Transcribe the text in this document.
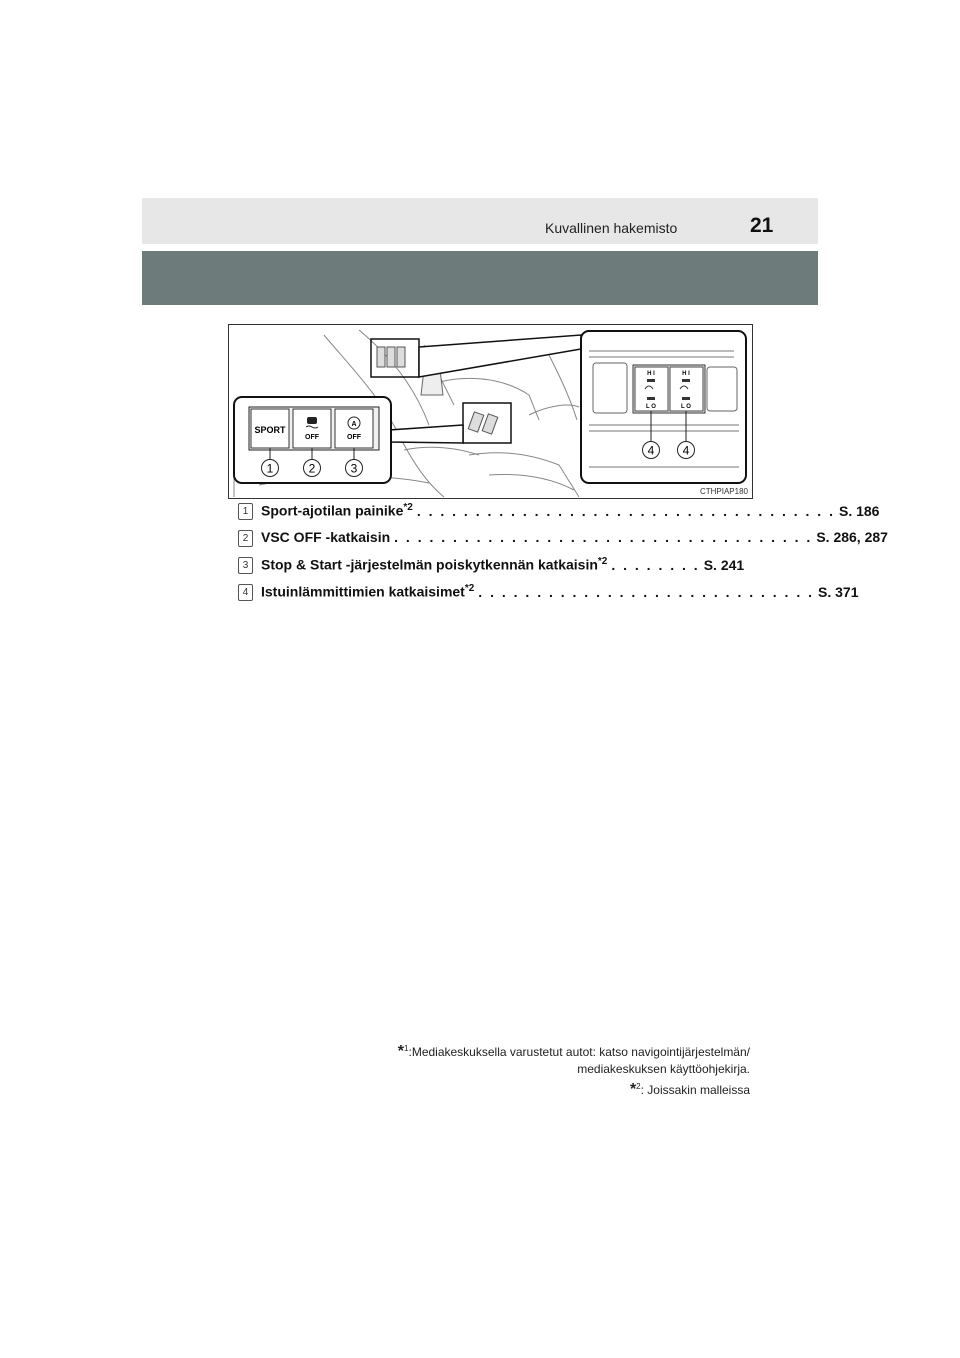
Kuvallinen hakemisto	21
SPORT
OFF
A
OFF
1	2	3
H I	H I
L O	L O
4 4
CTHPIAP180
1 Sport-ajotilan painike$^{*2}$ . . . . . . . . . . . . . . . . . . . . . . . . . . . . . . . . . . . . S. 186
2 VSC OFF -katkaisin . . . . . . . . . . . . . . . . . . . . . . . . . . . . . . . . . . . . S. 286, 287
3 Stop & Start -järjestelmän poiskytkennän katkaisin$^{*2}$ . . . . . . . . S. 241
4 Istuinlämmittimien katkaisimet$^{*2}$ . . . . . . . . . . . . . . . . . . . . . . . . . . . . . S. 371
*$^1$:Mediakeskuksella varustetut autot: katso navigointijärjestelmän/
mediakeskuksen käyttöohjekirja.
*$^2$: Joissakin malleissa
